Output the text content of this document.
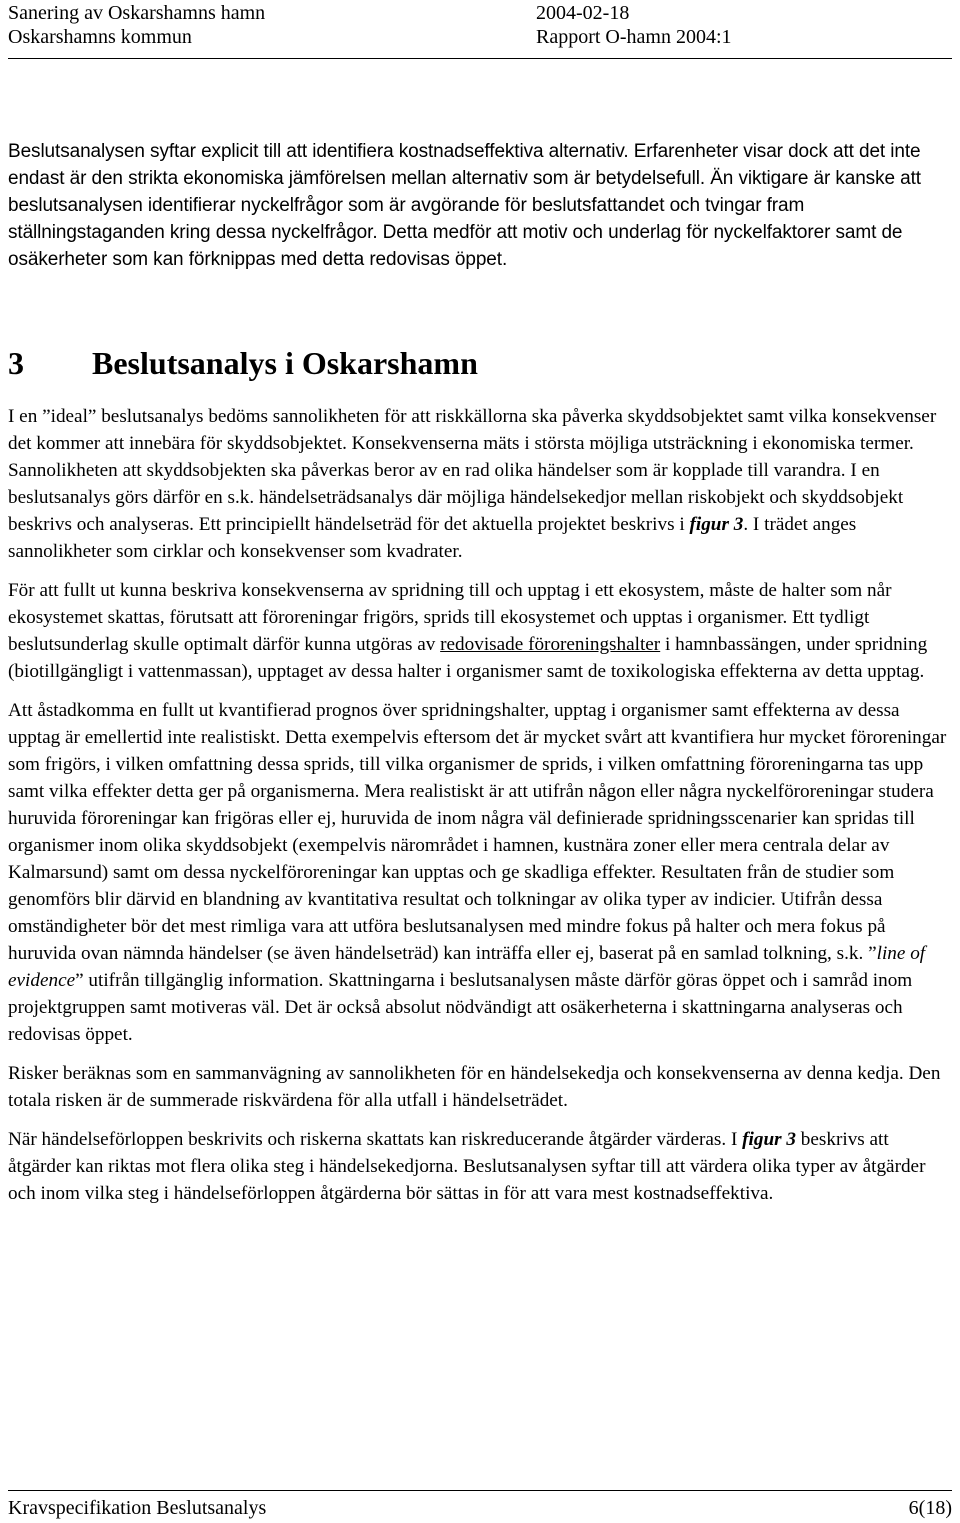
Sanering av Oskarshamns hamn	2004-02-18
Oskarshamns kommun	Rapport O-hamn 2004:1

Beslutsanalysen syftar explicit till att identifiera kostnadseffektiva alternativ. Erfarenheter visar dock att det inte endast är den strikta ekonomiska jämförelsen mellan alternativ som är betydelsefull. Än viktigare är kanske att beslutsanalysen identifierar nyckelfrågor som är avgörande för beslutsfattandet och tvingar fram ställningstaganden kring dessa nyckelfrågor. Detta medför att motiv och underlag för nyckelfaktorer samt de osäkerheter som kan förknippas med detta redovisas öppet.

3 Beslutsanalys i Oskarshamn

I en ”ideal” beslutsanalys bedöms sannolikheten för att riskkällorna ska påverka skyddsobjektet samt vilka konsekvenser det kommer att innebära för skyddsobjektet. Konsekvenserna mäts i största möjliga utsträckning i ekonomiska termer. Sannolikheten att skyddsobjekten ska påverkas beror av en rad olika händelser som är kopplade till varandra. I en beslutsanalys görs därför en s.k. händelseträdsanalys där möjliga händelsekedjor mellan riskobjekt och skyddsobjekt beskrivs och analyseras. Ett principiellt händelseträd för det aktuella projektet beskrivs i figur 3. I trädet anges sannolikheter som cirklar och konsekvenser som kvadrater.

För att fullt ut kunna beskriva konsekvenserna av spridning till och upptag i ett ekosystem, måste de halter som når ekosystemet skattas, förutsatt att föroreningar frigörs, sprids till ekosystemet och upptas i organismer. Ett tydligt beslutsunderlag skulle optimalt därför kunna utgöras av redovisade föroreningshalter i hamnbassängen, under spridning (biotillgängligt i vattenmassan), upptaget av dessa halter i organismer samt de toxikologiska effekterna av detta upptag.

Att åstadkomma en fullt ut kvantifierad prognos över spridningshalter, upptag i organismer samt effekterna av dessa upptag är emellertid inte realistiskt. Detta exempelvis eftersom det är mycket svårt att kvantifiera hur mycket föroreningar som frigörs, i vilken omfattning dessa sprids, till vilka organismer de sprids, i vilken omfattning föroreningarna tas upp samt vilka effekter detta ger på organismerna. Mera realistiskt är att utifrån någon eller några nyckelföroreningar studera huruvida föroreningar kan frigöras eller ej, huruvida de inom några väl definierade spridningsscenarier kan spridas till organismer inom olika skyddsobjekt (exempelvis närområdet i hamnen, kustnära zoner eller mera centrala delar av Kalmarsund) samt om dessa nyckelföroreningar kan upptas och ge skadliga effekter. Resultaten från de studier som genomförs blir därvid en blandning av kvantitativa resultat och tolkningar av olika typer av indicier. Utifrån dessa omständigheter bör det mest rimliga vara att utföra beslutsanalysen med mindre fokus på halter och mera fokus på huruvida ovan nämnda händelser (se även händelseträd) kan inträffa eller ej, baserat på en samlad tolkning, s.k. ”line of evidence” utifrån tillgänglig information. Skattningarna i beslutsanalysen måste därför göras öppet och i samråd inom projektgruppen samt motiveras väl. Det är också absolut nödvändigt att osäkerheterna i skattningarna analyseras och redovisas öppet.

Risker beräknas som en sammanvägning av sannolikheten för en händelsekedja och konsekvenserna av denna kedja. Den totala risken är de summerade riskvärdena för alla utfall i händelseträdet.

När händelseförloppen beskrivits och riskerna skattats kan riskreducerande åtgärder värderas. I figur 3 beskrivs att åtgärder kan riktas mot flera olika steg i händelsekedjorna. Beslutsanalysen syftar till att värdera olika typer av åtgärder och inom vilka steg i händelseförloppen åtgärderna bör sättas in för att vara mest kostnadseffektiva.

Kravspecifikation Beslutsanalys	6(18)
